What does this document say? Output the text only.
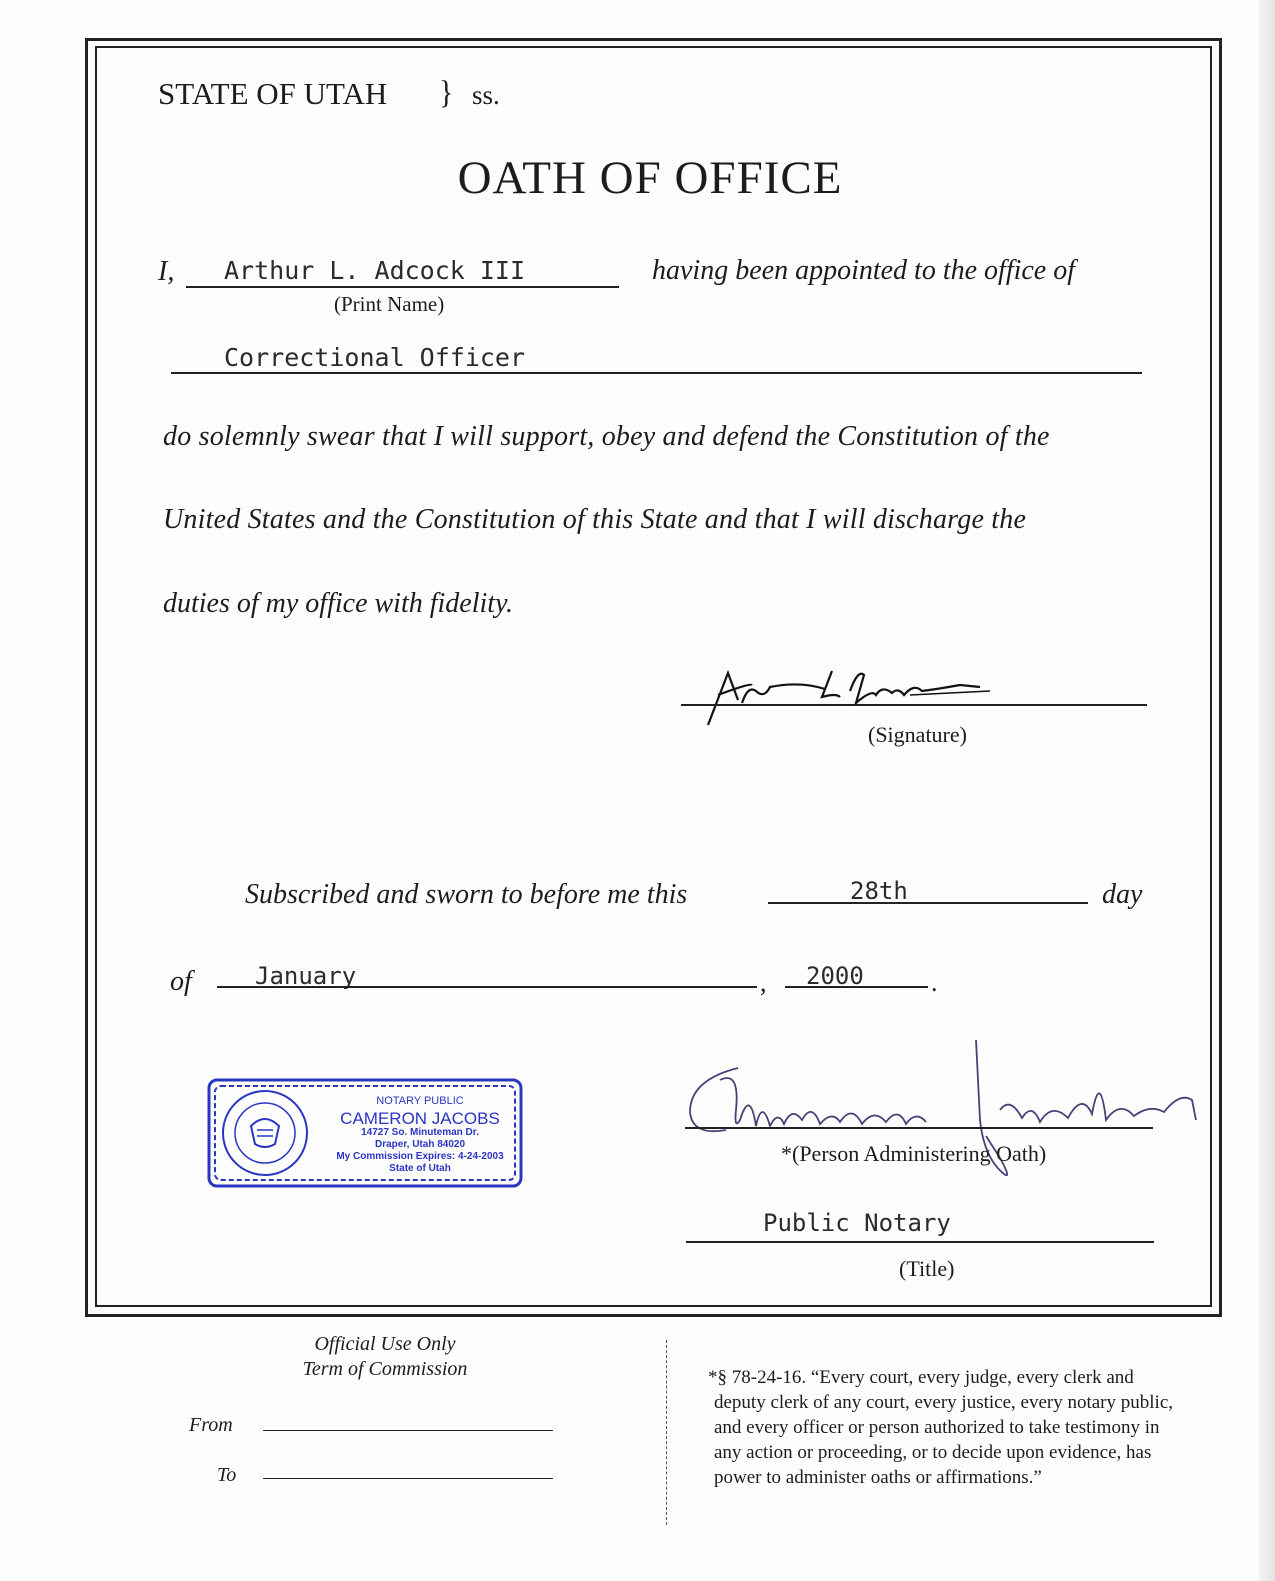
STATE OF UTAH } ss.
OATH OF OFFICE
I, Arthur L. Adcock III	having been appointed to the office of
(Print Name)
Correctional Officer
do solemnly swear that I will support, obey and defend the Constitution of the
United States and the Constitution of this State and that I will discharge the
duties of my office with fidelity.
(Signature)
Subscribed and sworn to before me this	28th	day
of	January	, 2000	.
NOTARY PUBLIC
CAMERON JACOBS
14727 So. Minuteman Dr.
Draper, Utah 84020
My Commission Expires: 4-24-2003
State of Utah
*(Person Administering Oath)
Public Notary
(Title)
Official Use Only
Term of Commission
From
To
*§ 78-24-16. “Every court, every judge, every clerk and
deputy clerk of any court, every justice, every notary public,
and every officer or person authorized to take testimony in
any action or proceeding, or to decide upon evidence, has
power to administer oaths or affirmations.”
